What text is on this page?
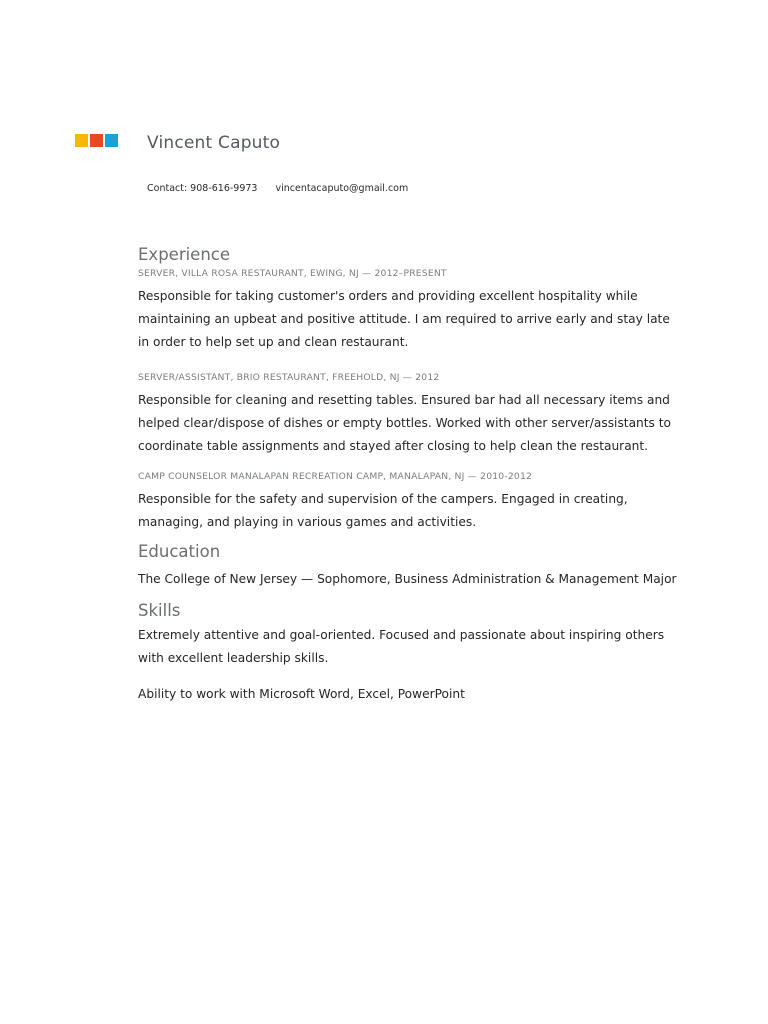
Vincent Caputo
Contact: 908-616-9973 vincentacaputo@gmail.com
Experience
SERVER, VILLA ROSA RESTAURANT, EWING, NJ — 2012–PRESENT
Responsible for taking customer's orders and providing excellent hospitality while maintaining an upbeat and positive attitude. I am required to arrive early and stay late in order to help set up and clean restaurant.
SERVER/ASSISTANT, BRIO RESTAURANT, FREEHOLD, NJ — 2012
Responsible for cleaning and resetting tables. Ensured bar had all necessary items and helped clear/dispose of dishes or empty bottles. Worked with other server/assistants to coordinate table assignments and stayed after closing to help clean the restaurant.
CAMP COUNSELOR MANALAPAN RECREATION CAMP, MANALAPAN, NJ — 2010-2012
Responsible for the safety and supervision of the campers. Engaged in creating, managing, and playing in various games and activities.
Education
The College of New Jersey — Sophomore, Business Administration & Management Major
Skills
Extremely attentive and goal-oriented. Focused and passionate about inspiring others with excellent leadership skills.
Ability to work with Microsoft Word, Excel, PowerPoint
